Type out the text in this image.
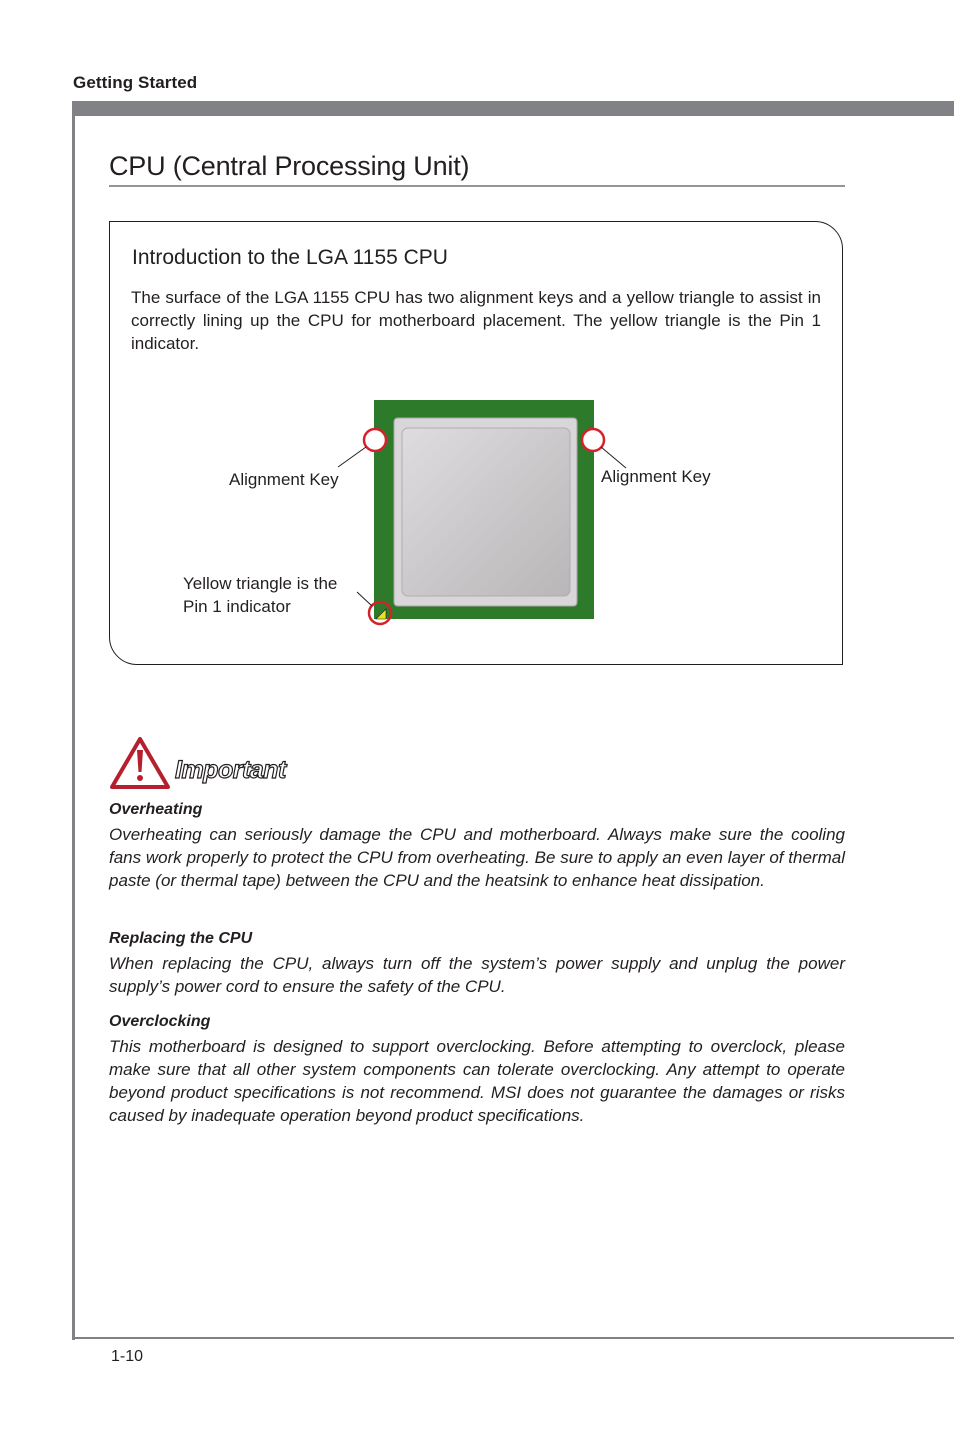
Getting Started
CPU (Central Processing Unit)
Introduction to the LGA 1155 CPU
The surface of the LGA 1155 CPU has two alignment keys and a yellow triangle to assist in correctly lining up the CPU for motherboard placement. The yellow triangle is the Pin 1 indicator.
Alignment Key	Alignment Key
Yellow triangle is the
Pin 1 indicator
Important
Overheating

Overheating can seriously damage the CPU and motherboard. Always make sure the cooling fans work properly to protect the CPU from overheating. Be sure to apply an even layer of thermal paste (or thermal tape) between the CPU and the heatsink to enhance heat dissipation.

Replacing the CPU

When replacing the CPU, always turn off the system’s power supply and unplug the power supply’s power cord to ensure the safety of the CPU.

Overclocking

This motherboard is designed to support overclocking. Before attempting to overclock, please make sure that all other system components can tolerate overclocking. Any attempt to operate beyond product specifications is not recommend. MSI does not guarantee the damages or risks caused by inadequate operation beyond product specifications.

1-10
